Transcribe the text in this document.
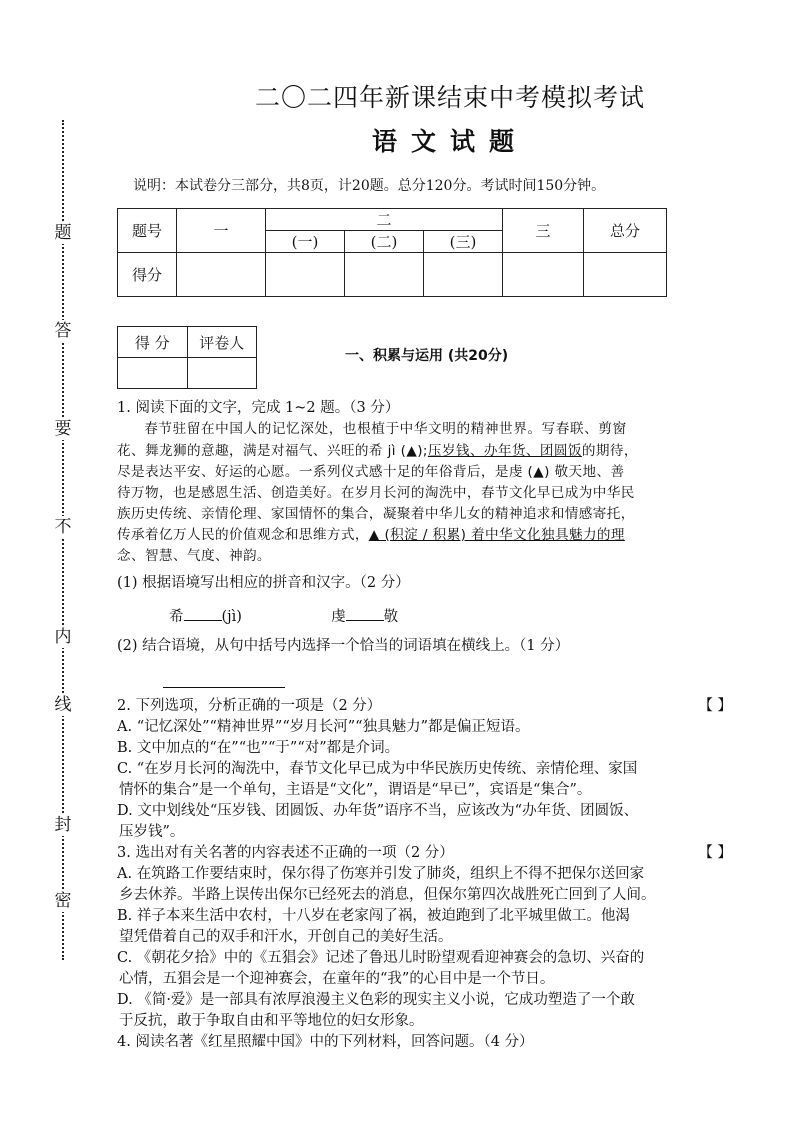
题
答
要
不
内
线
封
密
二〇二四年新课结束中考模拟考试
语文试题
说明：本试卷分三部分，共8页，计20题。总分120分。考试时间150分钟。
题号	一	二			三	总分
		(一)	(二)	(三)		
得分						
得 分	评卷人

一、积累与运用 (共20分)

1. 阅读下面的文字，完成 1~2 题。（3 分）

春节驻留在中国人的记忆深处，也根植于中华文明的精神世界。写春联、剪窗

花、舞龙狮的意趣，满是对福气、兴旺的希 jì (▲);压岁钱、办年货、团圆饭的期待，

尽是表达平安、好运的心愿。一系列仪式感十足的年俗背后，是虔 (▲) 敬天地、善

待万物，也是感恩生活、创造美好。在岁月长河的淘洗中，春节文化早已成为中华民

族历史传统、亲情伦理、家国情怀的集合，凝聚着中华儿女的精神追求和情感寄托，

传承着亿万人民的价值观念和思维方式，▲ (积淀 / 积累) 着中华文化独具魅力的理

念、智慧、气度、神韵。

(1) 根据语境写出相应的拼音和汉字。（2 分）

希	(jì)	虔	敬

(2) 结合语境，从句中括号内选择一个恰当的词语填在横线上。（1 分）

2. 下列选项，分析正确的一项是（2 分）	【 】

A. “记忆深处”“精神世界”“岁月长河”“独具魅力”都是偏正短语。

B. 文中加点的“在”“也”“于”“对”都是介词。

C. “在岁月长河的淘洗中，春节文化早已成为中华民族历史传统、亲情伦理、家国

情怀的集合”是一个单句，主语是“文化”，谓语是“早已”，宾语是“集合”。

D. 文中划线处“压岁钱、团圆饭、办年货”语序不当，应该改为“办年货、团圆饭、

压岁钱”。

3. 选出对有关名著的内容表述不正确的一项（2 分）	【 】

A. 在筑路工作要结束时，保尔得了伤寒并引发了肺炎，组织上不得不把保尔送回家

乡去休养。半路上误传出保尔已经死去的消息，但保尔第四次战胜死亡回到了人间。

B. 祥子本来生活中农村，十八岁在老家闯了祸，被迫跑到了北平城里做工。他渴

望凭借着自己的双手和汗水，开创自己的美好生活。

C. 《朝花夕拾》中的《五猖会》记述了鲁迅儿时盼望观看迎神赛会的急切、兴奋的

心情，五猖会是一个迎神赛会，在童年的“我”的心目中是一个节日。

D. 《简·爱》是一部具有浓厚浪漫主义色彩的现实主义小说，它成功塑造了一个敢

于反抗，敢于争取自由和平等地位的妇女形象。

4. 阅读名著《红星照耀中国》中的下列材料，回答问题。（4 分）
